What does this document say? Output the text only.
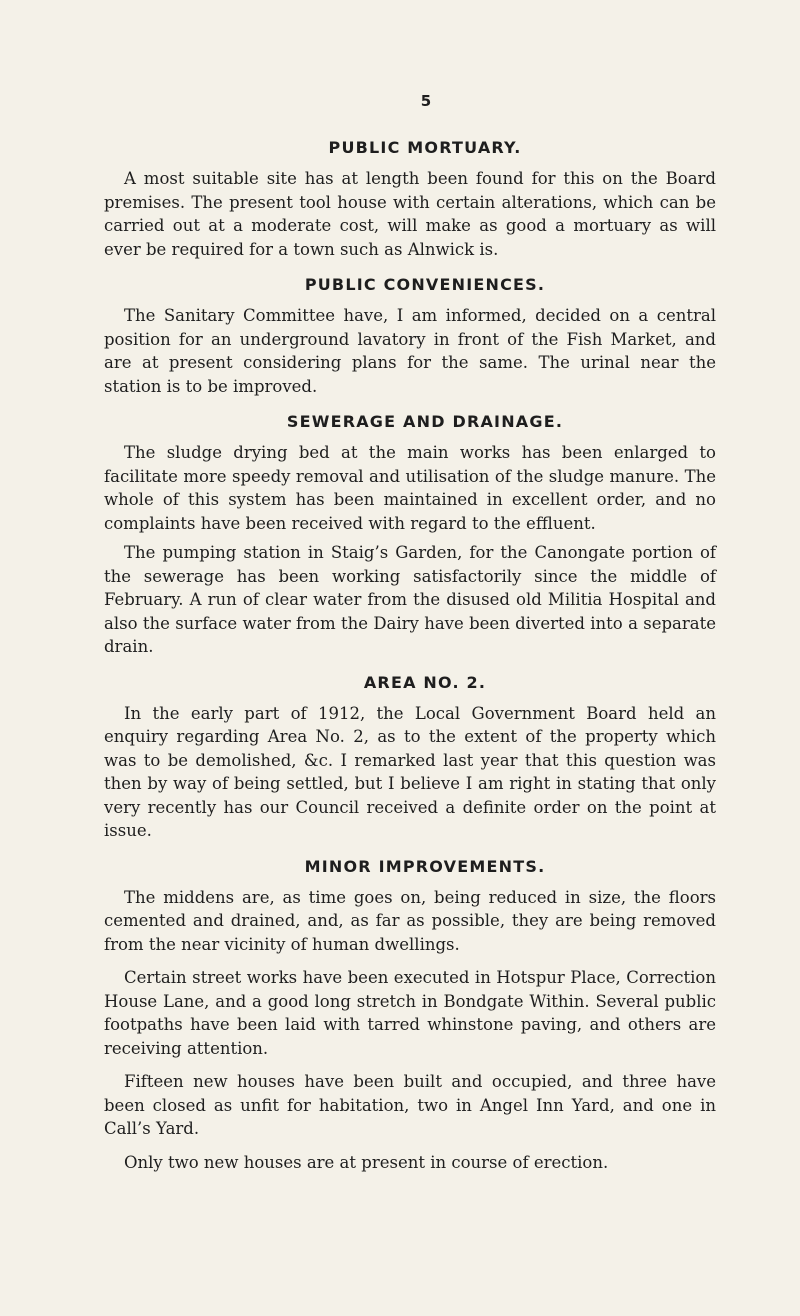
5
PUBLIC MORTUARY.

A most suitable site has at length been found for this on the Board premises. The present tool house with certain alterations, which can be carried out at a moderate cost, will make as good a mortuary as will ever be required for a town such as Alnwick is.

PUBLIC CONVENIENCES.

The Sanitary Committee have, I am informed, decided on a central position for an underground lavatory in front of the Fish Market, and are at present considering plans for the same. The urinal near the station is to be improved.

SEWERAGE AND DRAINAGE.

The sludge drying bed at the main works has been enlarged to facilitate more speedy removal and utilisation of the sludge manure. The whole of this system has been maintained in excellent order, and no complaints have been received with regard to the effluent.

The pumping station in Staig’s Garden, for the Canongate portion of the sewerage has been working satisfactorily since the middle of February. A run of clear water from the disused old Militia Hospital and also the surface water from the Dairy have been diverted into a separate drain.

AREA NO. 2.

In the early part of 1912, the Local Government Board held an enquiry regarding Area No. 2, as to the extent of the property which was to be demolished, &c. I remarked last year that this question was then by way of being settled, but I believe I am right in stating that only very recently has our Council received a definite order on the point at issue.

MINOR IMPROVEMENTS.

The middens are, as time goes on, being reduced in size, the floors cemented and drained, and, as far as possible, they are being removed from the near vicinity of human dwellings.

Certain street works have been executed in Hotspur Place, Correction House Lane, and a good long stretch in Bondgate Within. Several public footpaths have been laid with tarred whinstone paving, and others are receiving attention.

Fifteen new houses have been built and occupied, and three have been closed as unfit for habitation, two in Angel Inn Yard, and one in Call’s Yard.

Only two new houses are at present in course of erection.
